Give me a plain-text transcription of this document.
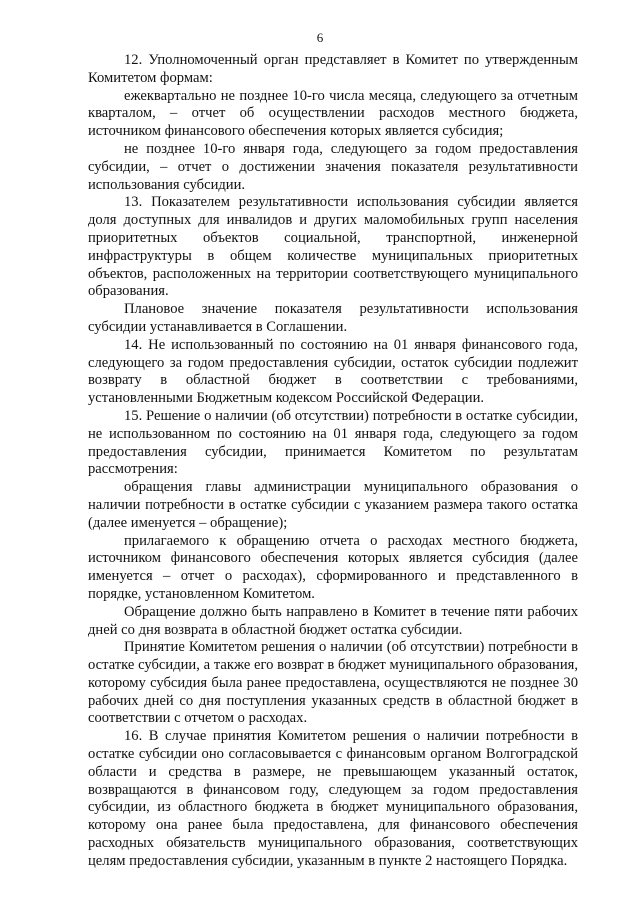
6

12. Уполномоченный орган представляет в Комитет по утвержденным Комитетом формам:

ежеквартально не позднее 10-го числа месяца, следующего за отчетным кварталом, – отчет об осуществлении расходов местного бюджета, источником финансового обеспечения которых является субсидия;

не позднее 10-го января года, следующего за годом предоставления субсидии, – отчет о достижении значения показателя результативности использования субсидии.

13. Показателем результативности использования субсидии является доля доступных для инвалидов и других маломобильных групп населения приоритетных объектов социальной, транспортной, инженерной инфраструктуры в общем количестве муниципальных приоритетных объектов, расположенных на территории соответствующего муниципального образования.

Плановое значение показателя результативности использования субсидии устанавливается в Соглашении.

14. Не использованный по состоянию на 01 января финансового года, следующего за годом предоставления субсидии, остаток субсидии подлежит возврату в областной бюджет в соответствии с требованиями, установленными Бюджетным кодексом Российской Федерации.

15. Решение о наличии (об отсутствии) потребности в остатке субсидии, не использованном по состоянию на 01 января года, следующего за годом предоставления субсидии, принимается Комитетом по результатам рассмотрения:

обращения главы администрации муниципального образования о наличии потребности в остатке субсидии с указанием размера такого остатка (далее именуется – обращение);

прилагаемого к обращению отчета о расходах местного бюджета, источником финансового обеспечения которых является субсидия (далее именуется – отчет о расходах), сформированного и представленного в порядке, установленном Комитетом.

Обращение должно быть направлено в Комитет в течение пяти рабочих дней со дня возврата в областной бюджет остатка субсидии.

Принятие Комитетом решения о наличии (об отсутствии) потребности в остатке субсидии, а также его возврат в бюджет муниципального образования, которому субсидия была ранее предоставлена, осуществляются не позднее 30 рабочих дней со дня поступления указанных средств в областной бюджет в соответствии с отчетом о расходах.

16. В случае принятия Комитетом решения о наличии потребности в остатке субсидии оно согласовывается с финансовым органом Волгоградской области и средства в размере, не превышающем указанный остаток, возвращаются в финансовом году, следующем за годом предоставления субсидии, из областного бюджета в бюджет муниципального образования, которому она ранее была предоставлена, для финансового обеспечения расходных обязательств муниципального образования, соответствующих целям предоставления субсидии, указанным в пункте 2 настоящего Порядка.
